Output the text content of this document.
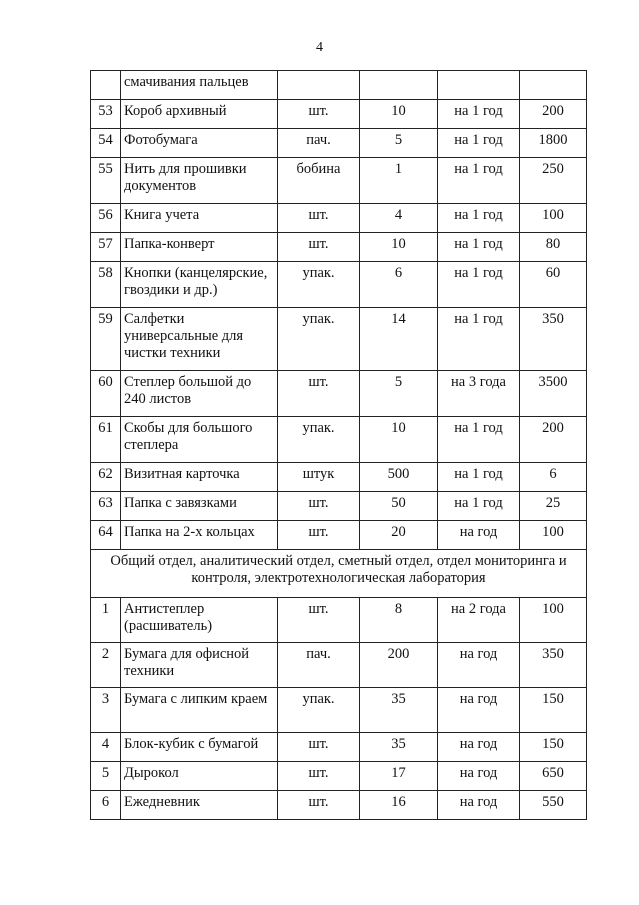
4
	смачивания пальцев				
53	Короб архивный	шт.	10	на 1 год	200
54	Фотобумага	пач.	5	на 1 год	1800
55	Нить для прошивки документов	бобина	1	на 1 год	250
56	Книга учета	шт.	4	на 1 год	100
57	Папка-конверт	шт.	10	на 1 год	80
58	Кнопки (канцелярские, гвоздики и др.)	упак.	6	на 1 год	60
59	Салфетки универсальные для чистки техники	упак.	14	на 1 год	350
60	Степлер большой до 240 листов	шт.	5	на 3 года	3500
61	Скобы для большого степлера	упак.	10	на 1 год	200
62	Визитная карточка	штук	500	на 1 год	6
63	Папка с завязками	шт.	50	на 1 год	25
64	Папка на 2-х кольцах	шт.	20	на год	100
Общий отдел, аналитический отдел, сметный отдел, отдел мониторинга и контроля, электротехнологическая лаборатория					
1	Антистеплер (расшиватель)	шт.	8	на 2 года	100
2	Бумага для офисной техники	пач.	200	на год	350
3	Бумага с липким краем	упак.	35	на год	150
4	Блок-кубик с бумагой	шт.	35	на год	150
5	Дырокол	шт.	17	на год	650
6	Ежедневник	шт.	16	на год	550
